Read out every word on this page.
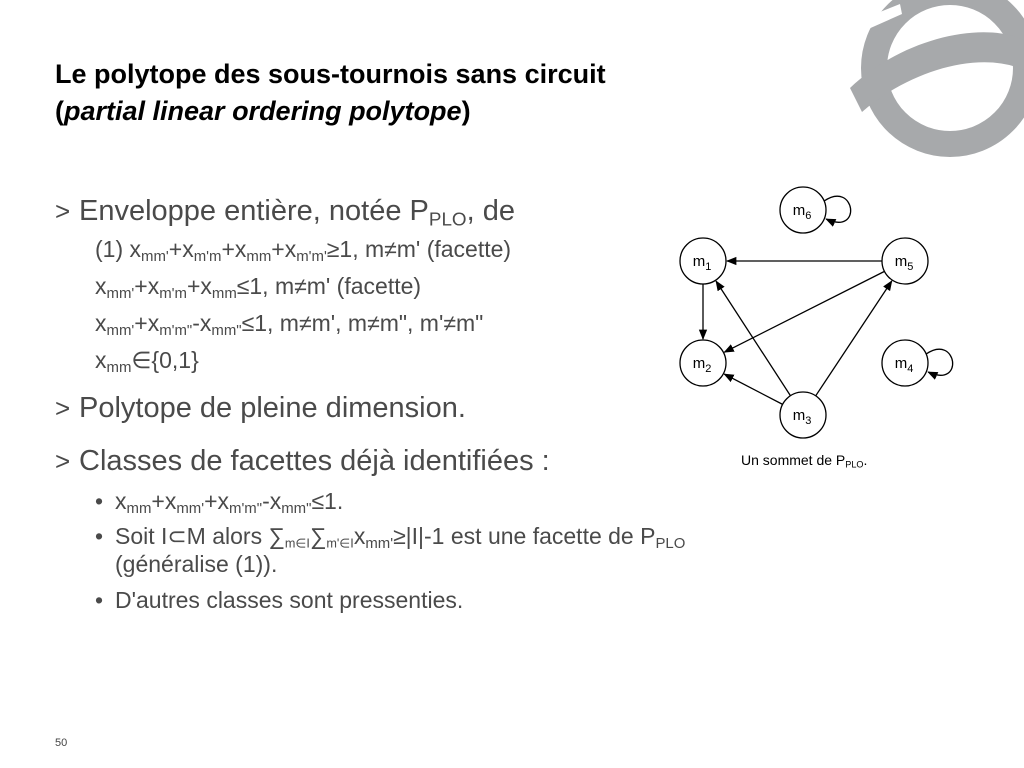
Le polytope des sous-tournois sans circuit
(partial linear ordering polytope)
> Enveloppe entière, notée $P_{PLO}$, de
(1) $x_{mm'}+x_{m'm}+x_{mm}+x_{m'm'}\ge 1$, m≠m' (facette)
$x_{mm'}+x_{m'm}+x_{mm}\le 1$, m≠m' (facette)
$x_{mm'}+x_{m'm"}-x_{mm"}\le 1$, m≠m', m≠m", m'≠m"
$x_{mm}\in\{0,1\}$
> Polytope de pleine dimension.
> Classes de facettes déjà identifiées :
• $x_{mm}+x_{mm'}+x_{m'm"}-x_{mm"}\le 1$.
• Soit I⊂M alors $\sum_{m\in I}\sum_{m'\in I}x_{mm'}\ge|I|-1$ est une facette de $P_{PLO}$
(généralise (1)).
• D'autres classes sont pressenties.
$m_6$
$m_1$	$m_5$
$m_2$	$m_4$
$m_3$
Un sommet de $P_{PLO}$.
50
